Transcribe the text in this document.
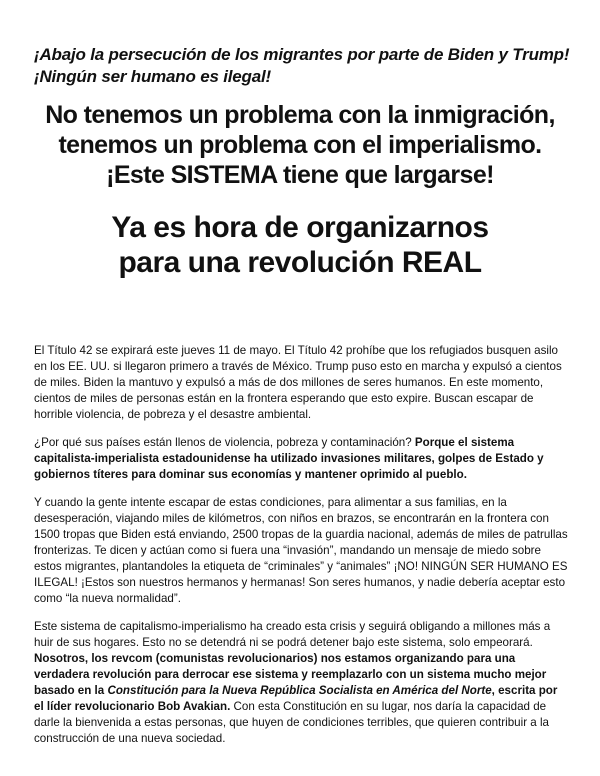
¡Abajo la persecución de los migrantes por parte de Biden y Trump!
¡Ningún ser humano es ilegal!
No tenemos un problema con la inmigración,
tenemos un problema con el imperialismo.
¡Este SISTEMA tiene que largarse!
Ya es hora de organizarnos
para una revolución REAL

El Título 42 se expirará este jueves 11 de mayo. El Título 42 prohíbe que los refugiados busquen asilo en los EE. UU. si llegaron primero a través de México. Trump puso esto en marcha y expulsó a cientos de miles. Biden la mantuvo y expulsó a más de dos millones de seres humanos. En este momento, cientos de miles de personas están en la frontera esperando que esto expire. Buscan escapar de horrible violencia, de pobreza y el desastre ambiental.

¿Por qué sus países están llenos de violencia, pobreza y contaminación? Porque el sistema capitalista-imperialista estadounidense ha utilizado invasiones militares, golpes de Estado y gobiernos títeres para dominar sus economías y mantener oprimido al pueblo.

Y cuando la gente intente escapar de estas condiciones, para alimentar a sus familias, en la desesperación, viajando miles de kilómetros, con niños en brazos, se encontrarán en la frontera con 1500 tropas que Biden está enviando, 2500 tropas de la guardia nacional, además de miles de patrullas fronterizas. Te dicen y actúan como si fuera una “invasión”, mandando un mensaje de miedo sobre estos migrantes, plantandoles la etiqueta de “criminales” y “animales” ¡NO! NINGÚN SER HUMANO ES ILEGAL! ¡Estos son nuestros hermanos y hermanas! Son seres humanos, y nadie debería aceptar esto como “la nueva normalidad”.

Este sistema de capitalismo-imperialismo ha creado esta crisis y seguirá obligando a millones más a huir de sus hogares. Esto no se detendrá ni se podrá detener bajo este sistema, solo empeorará. Nosotros, los revcom (comunistas revolucionarios) nos estamos organizando para una verdadera revolución para derrocar ese sistema y reemplazarlo con un sistema mucho mejor basado en la Constitución para la Nueva República Socialista en América del Norte, escrita por el líder revolucionario Bob Avakian. Con esta Constitución en su lugar, nos daría la capacidad de darle la bienvenida a estas personas, que huyen de condiciones terribles, que quieren contribuir a la construcción de una nueva sociedad.
